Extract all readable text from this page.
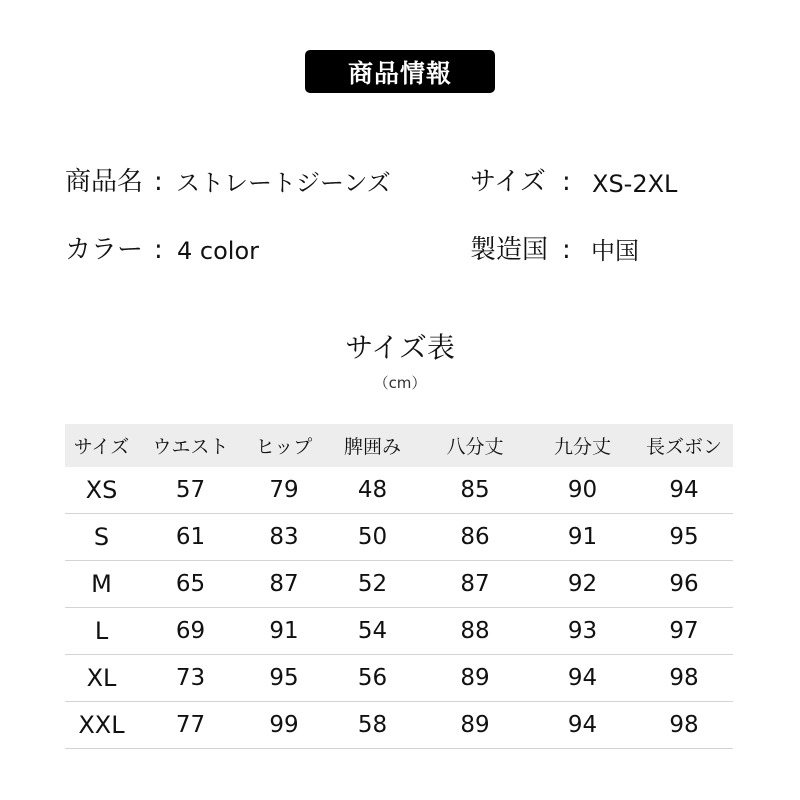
商品情報
商品名 : ストレートジーンズ	サイズ : XS-2XL
カラー : 4 color	製造国 : 中国
サイズ表
（cm）
サイズ	ウエスト	ヒップ	脾囲み	八分丈	九分丈	長ズボン
XS	57	79	48	85	90	94
S	61	83	50	86	91	95
M	65	87	52	87	92	96
L	69	91	54	88	93	97
XL	73	95	56	89	94	98
XXL	77	99	58	89	94	98
